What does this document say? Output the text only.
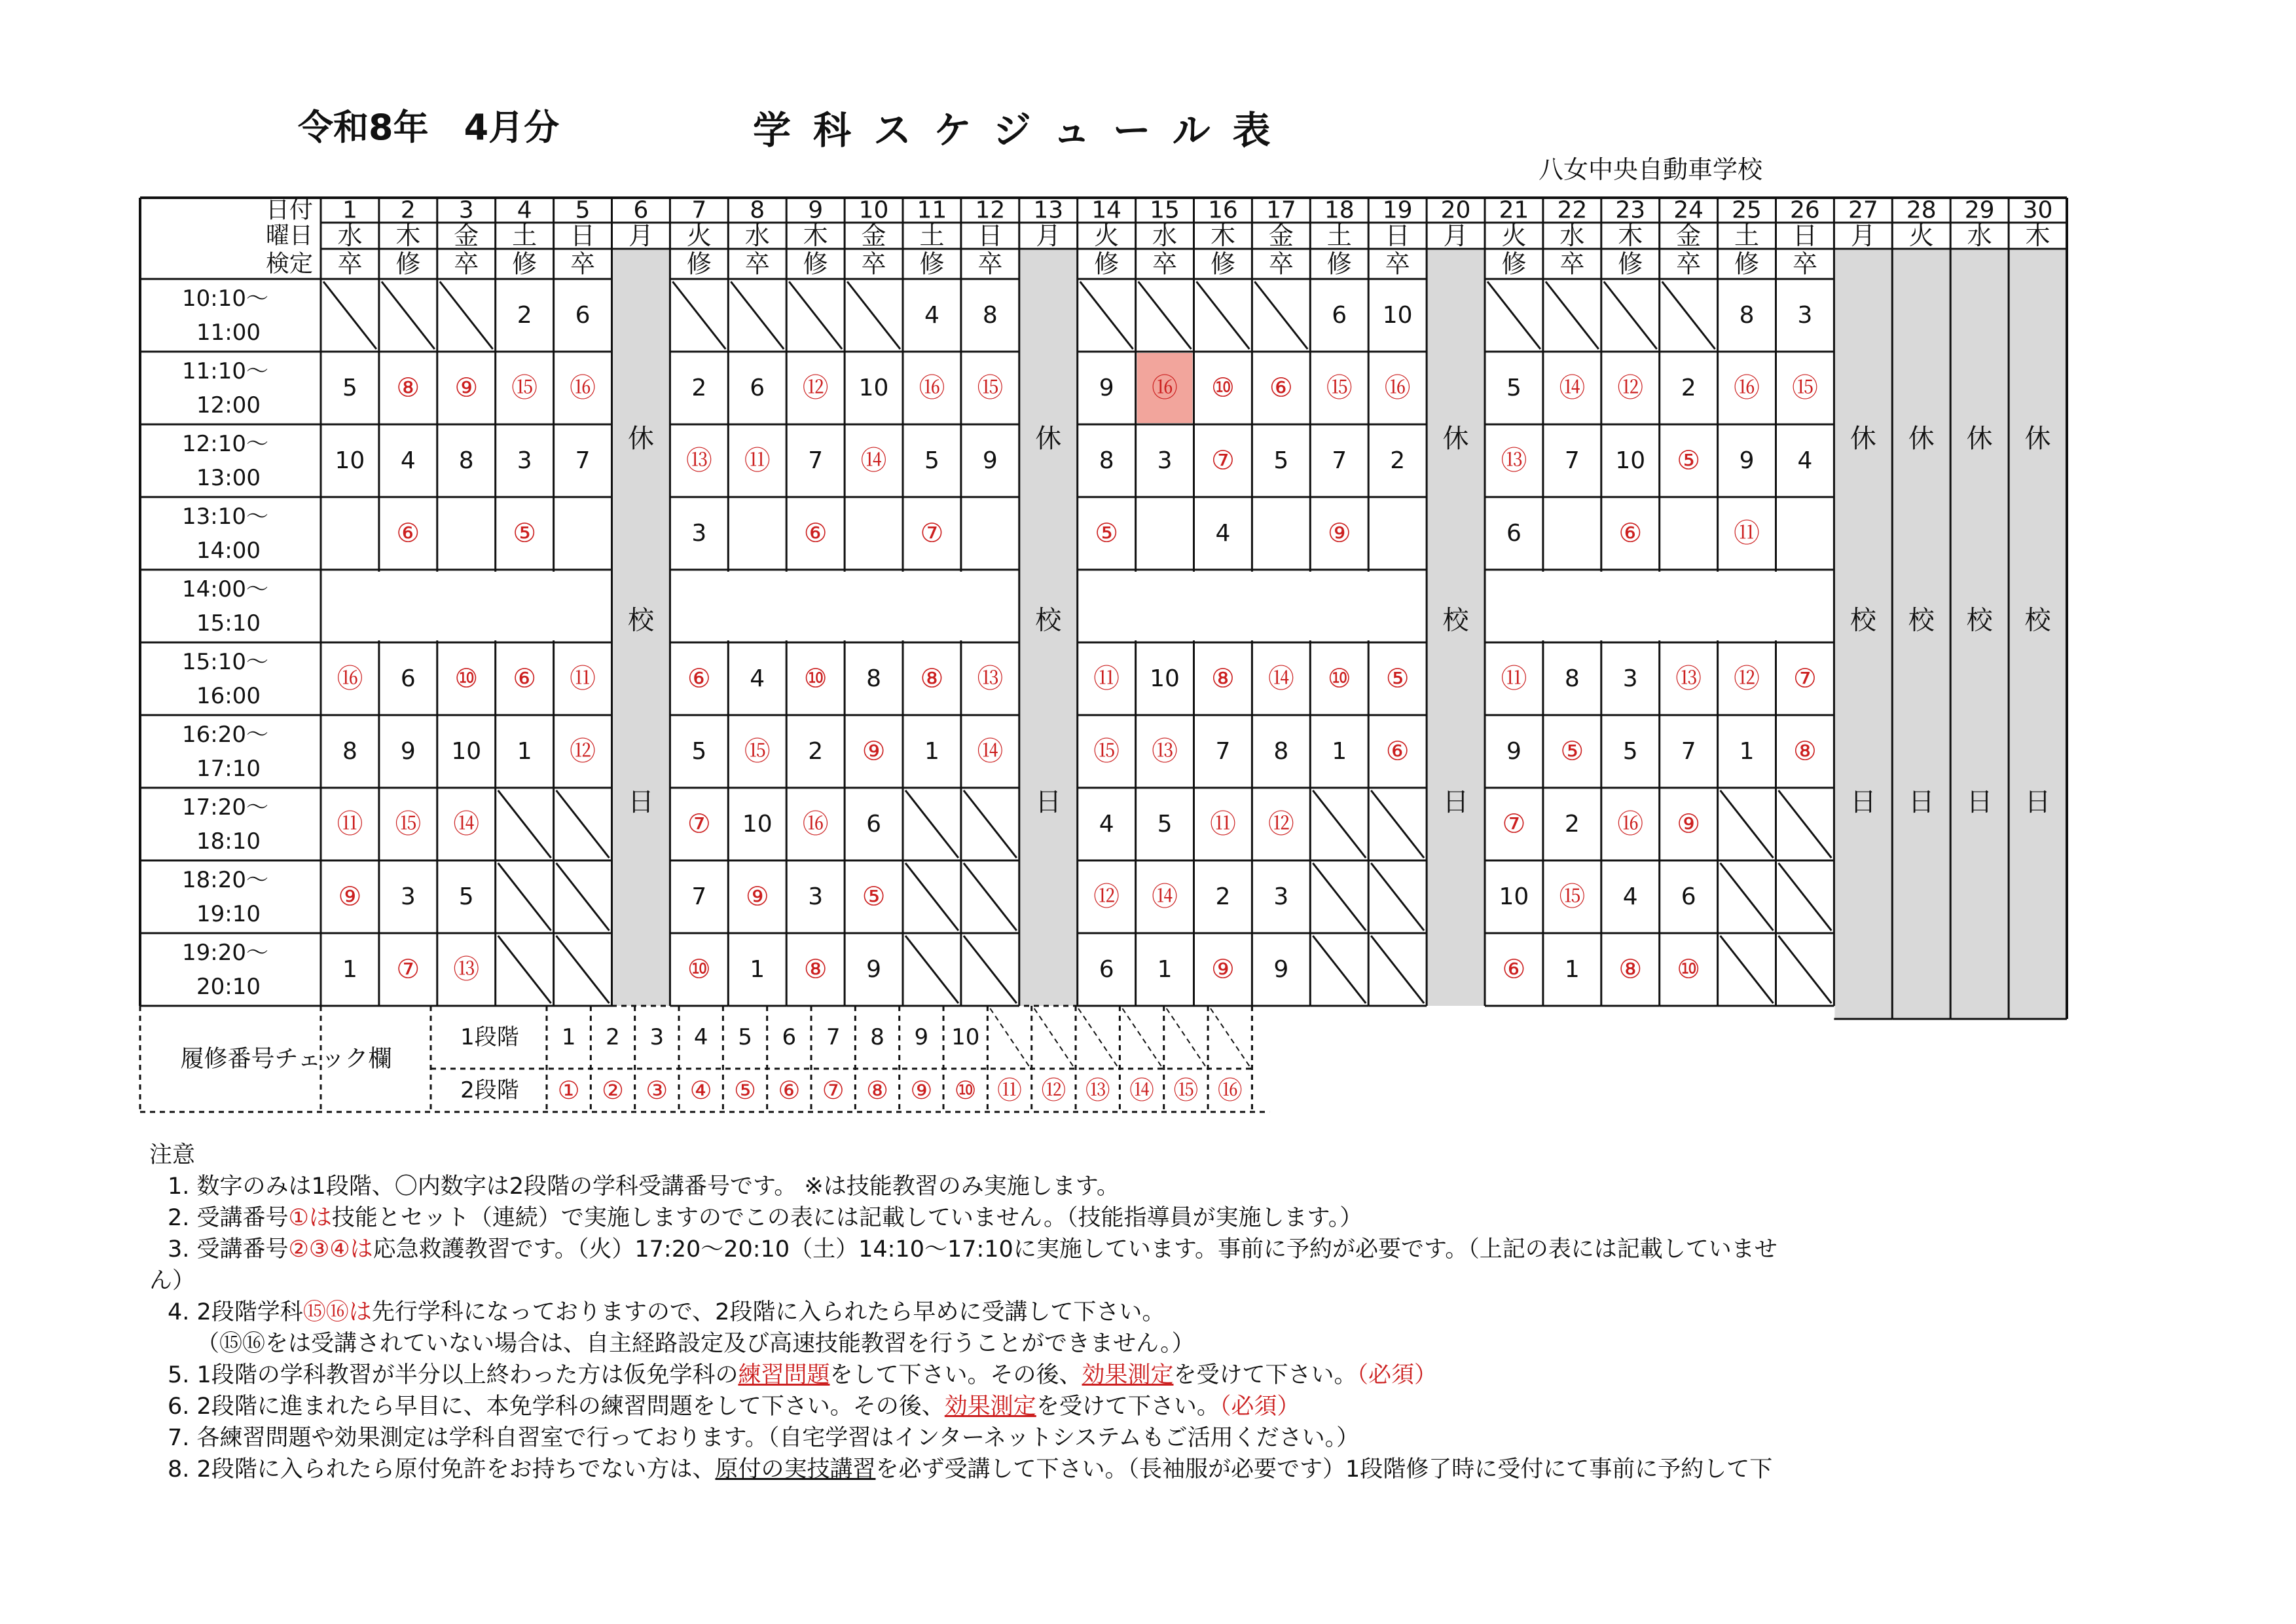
令和8年　4月分	学科スケジュール表
八女中央自動車学校
日付
曜日
検定
1
水
卒
2
木
修
3
金
卒
4
土
修
5
日
卒
6
月
7
火
修
8
水
卒
9
木
修
10
金
卒
11
土
修
12
日
卒
13
月
14
火
修
15
水
卒
16
木
修
17
金
卒
18
土
修
19
日
卒
20
月
21
火
修
22
水
卒
23
木
修
24
金
卒
25
土
修
26
日
卒
27
月
28
火
29
水
30
木
10:10～
11:00
11:10～
12:00
12:10～
13:00
13:10～
14:00
14:00～
15:10
15:10～
16:00
16:20～
17:10
17:20～
18:10
18:20～
19:10
19:20～
20:10
5
10
⑯
8
⑪
⑨
1
⑧
4
⑥
6
9
⑮
3
⑦
⑨
8
⑩
10
⑭
5
⑬
2
⑮
3
⑤
⑥
1
6
⑯
7
⑪
⑫
休
校
日
2
⑬
3
⑥
5
⑦
7
⑩
6
⑪
4
⑮
10
⑨
1
⑫
7
⑥
⑩
2
⑯
3
⑧
10
⑭
8
⑨
6
⑤
9
4
⑯
5
⑦
⑧
1
8
⑮
9
⑬
⑭
休
校
日
9
8
⑤
⑪
⑮
4
⑫
6
⑯
3
10
⑬
5
⑭
1
⑩
⑦
4
⑧
7
⑪
2
⑨
⑥
5
⑭
8
⑫
3
9
6
⑮
7
⑨
⑩
1
10
⑯
2
⑤
⑥
休
校
日
5
⑬
6
⑪
9
⑦
10
⑥
⑭
7
8
⑤
2
⑮
1
⑫
10
⑥
3
5
⑯
4
⑧
2
⑤
⑬
7
⑨
6
⑩
8
⑯
9
⑪
⑫
1
3
⑮
4
⑦
⑧
休
校
日
休
校
日
休
校
日
休
校
日
履修番号チェック欄
1段階
2段階
1 2 3 4 5 6 7 8 9 10
① ② ③ ④ ⑤ ⑥ ⑦ ⑧ ⑨ ⑩ ⑪ ⑫ ⑬ ⑭ ⑮ ⑯
注意
1. 数字のみは1段階、〇内数字は2段階の学科受講番号です。 ※は技能教習のみ実施します。
2. 受講番号①は技能とセット（連続）で実施しますのでこの表には記載していません。（技能指導員が実施します。）
3. 受講番号②③④は応急救護教習です。（火）17:20～20:10（土）14:10～17:10に実施しています。事前に予約が必要です。（上記の表には記載していませ
ん）
4. 2段階学科⑮⑯は先行学科になっておりますので、2段階に入られたら早めに受講して下さい。
（⑮⑯をは受講されていない場合は、自主経路設定及び高速技能教習を行うことができません。）
5. 1段階の学科教習が半分以上終わった方は仮免学科の練習問題をして下さい。その後、効果測定を受けて下さい。（必須）
6. 2段階に進まれたら早目に、本免学科の練習問題をして下さい。その後、効果測定を受けて下さい。（必須）
7. 各練習問題や効果測定は学科自習室で行っております。（自宅学習はインターネットシステムもご活用ください。）
8. 2段階に入られたら原付免許をお持ちでない方は、原付の実技講習を必ず受講して下さい。（長袖服が必要です）1段階修了時に受付にて事前に予約して下
